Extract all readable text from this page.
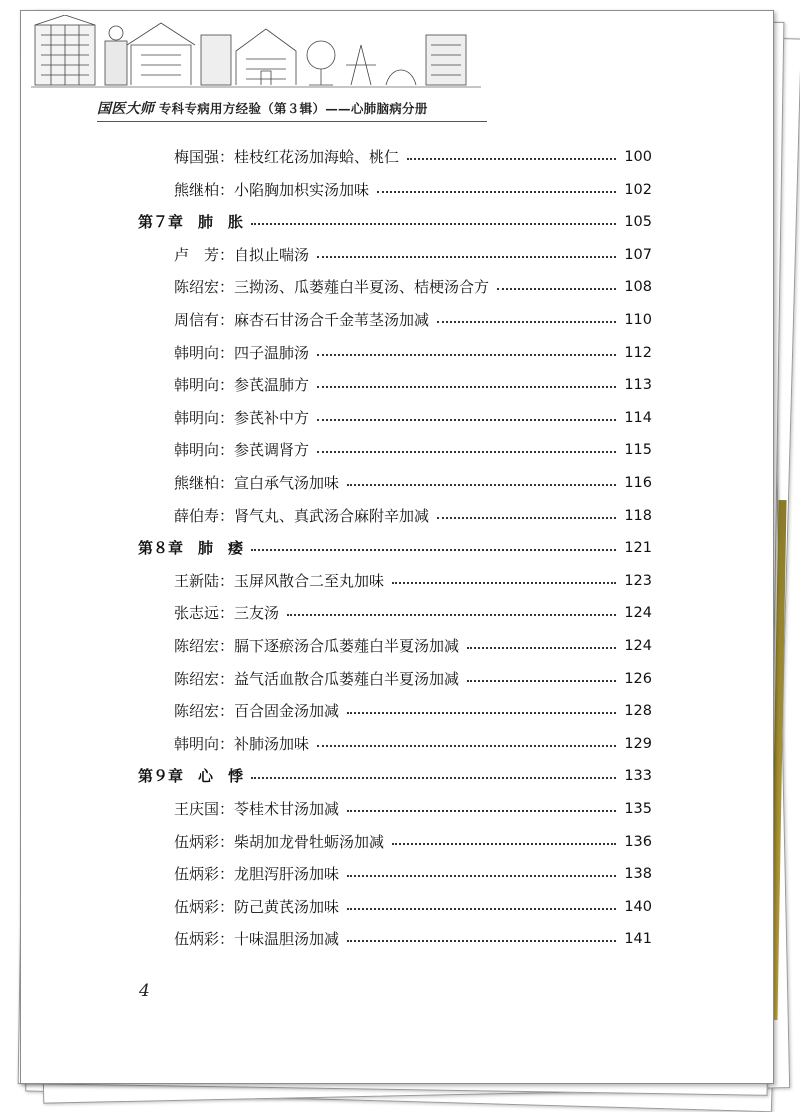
国医大师 专科专病用方经验（第３辑）——心肺脑病分册
梅国强：桂枝红花汤加海蛤、桃仁	100
熊继柏：小陷胸加枳实汤加味	102
第７章　肺　胀	105
卢　芳：自拟止喘汤	107
陈绍宏：三拗汤、瓜蒌薤白半夏汤、桔梗汤合方	108
周信有：麻杏石甘汤合千金苇茎汤加减	110
韩明向：四子温肺汤	112
韩明向：参芪温肺方	113
韩明向：参芪补中方	114
韩明向：参芪调肾方	115
熊继柏：宣白承气汤加味	116
薛伯寿：肾气丸、真武汤合麻附辛加减	118
第８章　肺　痿	121
王新陆：玉屏风散合二至丸加味	123
张志远：三友汤	124
陈绍宏：膈下逐瘀汤合瓜蒌薤白半夏汤加减	124
陈绍宏：益气活血散合瓜蒌薤白半夏汤加减	126
陈绍宏：百合固金汤加减	128
韩明向：补肺汤加味	129
第９章　心　悸	133
王庆国：苓桂术甘汤加减	135
伍炳彩：柴胡加龙骨牡蛎汤加减	136
伍炳彩：龙胆泻肝汤加味	138
伍炳彩：防己黄芪汤加味	140
伍炳彩：十味温胆汤加减	141
4
